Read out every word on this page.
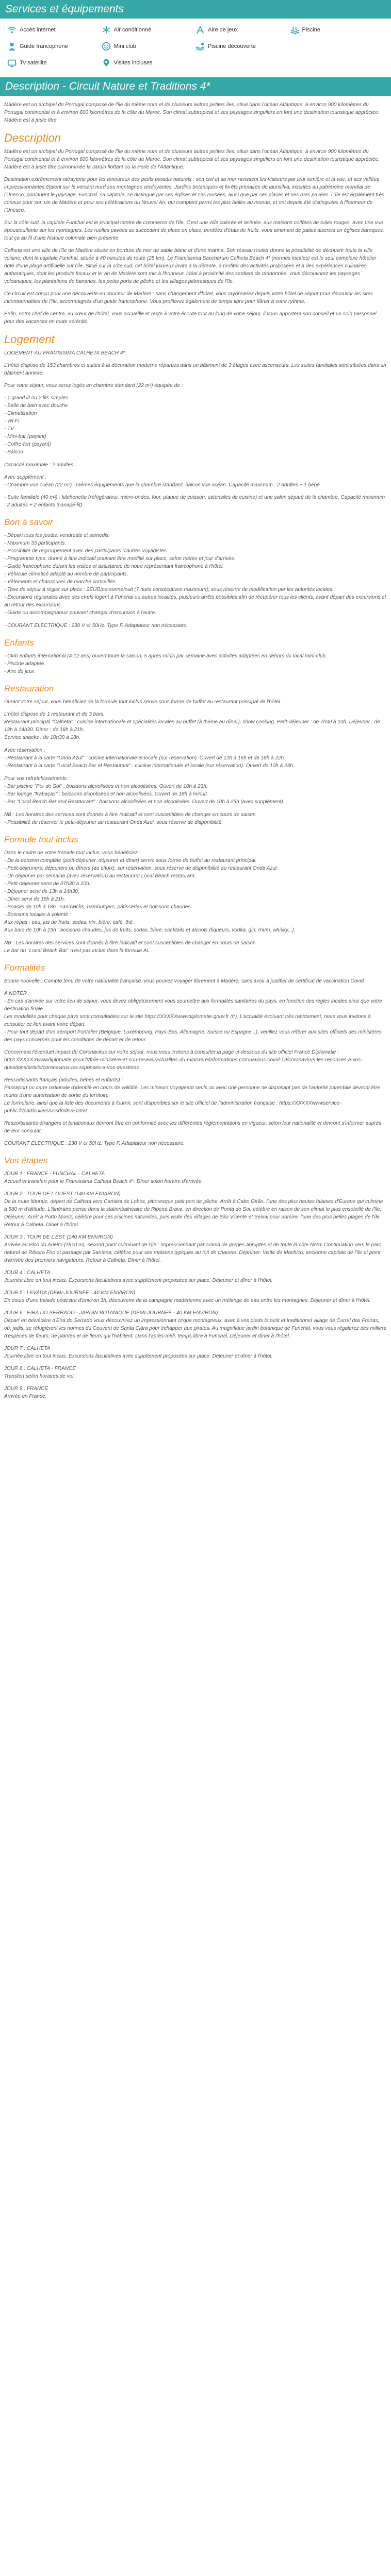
Services et équipements
Accès internet	Air conditionné	Aire de jeux	Piscine
Guide francophone	Mini club	Piscine découverte
Tv satellite	Visites incluses
Description - Circuit Nature et Traditions 4*

Madère est un archipel du Portugal composé de l'île du même nom et de plusieurs autres petites îles, situé dans l'océan Atlantique, à environ 900 kilomètres du Portugal continental et à environ 600 kilomètres de la côte du Maroc. Son climat subtropical et ses paysages singuliers en font une destination touristique appréciée. Madère est à juste titre

Description

Madère est un archipel du Portugal composé de l'île du même nom et de plusieurs autres petites îles, situé dans l'océan Atlantique, à environ 900 kilomètres du Portugal continental et à environ 600 kilomètres de la côte du Maroc. Son climat subtropical et ses paysages singuliers en font une destination touristique appréciée. Madère est à juste titre surnommée la Jardin flottant ou la Perle de l'Atlantique.

Destination extrêmement attrayante pour les amoureux des petits paradis naturels : son ciel et sa mer ravissent les visiteurs par leur lumière et la vue, et ses vallées impressionnantes étalent sur le versant nord ses montagnes verdoyantes. Jardins botaniques et forêts primaires de laurisilva, inscrites au patrimoine mondial de l'Unesco, ponctuent le paysage. Funchal, sa capitale, se distingue par ses églises et ses musées, ainsi que par ses places et ses rues pavées. L'île est également très connue pour son vin de Madère et pour ses célébrations du Nouvel An, qui comptent parmi les plus belles au monde, et ont depuis été distinguées à l'honneur de l'Unesco.

Sur la côte sud, la capitale Funchal est le principal centre de commerce de l'île. C'est une ville colorée et animée, aux maisons coiffées de tuiles rouges, avec une vue époustouflante sur les montagnes. Les ruelles pavées se succèdent de place en place, bordées d'étals de fruits, vous amenant de palais discrets en églises baroques, tout ça au fil d'une histoire coloniale bien présente.

Calheta est une ville de l'île de Madère située en bordure de mer de sable blanc et d'une marina. Son réseau routier donne la possibilité de découvrir toute la ville voisine, dont la capitale Funchal, située à 40 minutes de route (25 km). Le Framissima Saccharum Calheta Beach 4* (normes locales) est le seul complexe hôtelier doté d'une plage artificielle sur l'île. Situé sur la côte sud, cet hôtel luxueux invite à la détente, à profiter des activités proposées et à des expériences culinaires authentiques, dont les produits locaux et le vin de Madère sont mis à l'honneur. Idéal à proximité des sentiers de randonnée, vous découvrirez les paysages volcaniques, les plantations de bananes, les petits ports de pêche et les villages pittoresques de l'île.

Ce circuit est conçu pour une découverte en douceur de Madère : sans changement d'hôtel, vous rayonnerez depuis votre hôtel de séjour pour découvrir les sites incontournables de l'île, accompagnés d'un guide francophone. Vous profiterez également de temps libre pour flâner à votre rythme.

Enfin, notre chef de centre, au cœur de l'hôtel, vous accueille et reste à votre écoute tout au long de votre séjour, il vous apportera son conseil et un soin personnel pour des vacances en toute sérénité.

Logement

LOGEMENT AU FRAMISSIMA CALHETA BEACH 4*:

L'hôtel dispose de 153 chambres et suites à la décoration moderne réparties dans un bâtiment de 3 étages avec ascenseurs. Les suites familiales sont situées dans un bâtiment annexe.

Pour votre séjour, vous serez logés en chambre standard (22 m²) équipée de :

- 1 grand lit ou 2 lits simples
- Salle de bain avec douche
- Climatisation
- Wi-Fi
- TV
- Mini-bar (payant)
- Coffre-fort (payant)
- Balcon

Capacité maximale : 2 adultes.

Avec supplément :

- Chambre vue océan (22 m²) : mêmes équipements que la chambre standard, balcon vue océan. Capacité maximum : 2 adultes + 1 bébé.

- Suite familiale (40 m²) : kitchenette (réfrigérateur, micro-ondes, four, plaque de cuisson, ustensiles de cuisine) et une salon séparé de la chambre. Capacité maximum : 2 adultes + 2 enfants (canapé-lit).

Bon à savoir
- Départ tous les jeudis, vendredis et samedis.
- Maximum 33 participants.
- Possibilité de regroupement avec des participants d'autres voyagistes.
- Programme type, donné à titre indicatif pouvant être modifié sur place, selon météo et jour d'arrivée.
- Guide francophone durant les visites et assistance de notre représentant francophone à l'hôtel.
- Véhicule climatisé adapté au nombre de participants.
- Vêtements et chaussures de marche conseillés.
- Taxe de séjour à régler sur place : 2EUR/personne/nuit (7 nuits consécutives maximum); sous réserve de modification par les autorités locales.
- Excursions régionales avec des chefs logent à Funchal ou autres localités, plusieurs arrêts possibles afin de récupérer tous les clients, avant départ des excursions et au retour des excursions.
- Guide ou accompagnateur pouvant changer d'excursion à l'autre.

- COURANT ELECTRIQUE : 230 V et 50Hz. Type F. Adaptateur non nécessaire.

Enfants
- Club enfants international (4-12 ans) ouvert toute la saison, 5 après-midis par semaine avec activités adaptées en dehors du local mini-club.
- Piscine adaptée.
- Aire de jeux
Restauration

Durant votre séjour, vous bénéficiez de la formule tout inclus servie sous forme de buffet au restaurant principal de l'hôtel.

L'hôtel dispose de 1 restaurant et de 3 bars.
Restaurant principal "Calheta" : cuisine internationale et spécialités locales au buffet (à thème au dîner), show cooking. Petit-déjeuner : de 7h30 à 10h. Déjeuner : de 13h à 14h30. Dîner : de 18h à 21h.
Service snacks : de 10h30 à 18h.
Avec réservation :
- Restaurant à la carte "Onda Azul" : cuisine internationale et locale (sur réservation). Ouvert de 12h à 16h et de 18h à 22h.
- Restaurant à la carte "Local Beach Bar et Restaurant" : cuisine internationale et locale (sur réservation). Ouvert de 10h à 23h.
Pour vos rafraîchissements :
- Bar piscine "Por do Sol" : boissons alcoolisées et non alcoolisées. Ouvert de 10h à 23h.
- Bar lounge "Kabaças" : boissons alcoolisées et non alcoolisées. Ouvert de 18h à minuit.
- Bar "Local Beach Bar and Restaurant" : boissons alcoolisées et non alcoolisées. Ouvert de 10h à 23h (avec supplément).
NB : Les horaires des services sont donnés à titre indicatif et sont susceptibles de changer en cours de saison.
- Possibilité de réserver le petit-déjeuner au restaurant Onda Azul, sous réserve de disponibilité.
Formule tout inclus
Dans le cadre de votre formule tout inclus, vous bénéficiez :
- De la pension complète (petit-déjeuner, déjeuner et dîner) servie sous forme de buffet au restaurant principal.
- Petit-déjeuners, déjeuners ou dîners (au choix), sur réservation, sous réserve de disponibilité au restaurant Onda Azul.
- Un déjeuner par semaine (avec réservation) au restaurant Local Beach restaurant.
- Petit-déjeuner servi de 07h30 à 10h.
- Déjeuner servi de 13h à 14h30.
- Dîner servi de 18h à 21h.
- Snacks de 10h à 18h : sandwichs, hamburgers, pâtisseries et boissons chaudes.
- Boissons locales à volonté :
Aux repas : eau, jus de fruits, sodas, vin, bière, café, thé.
Aux bars de 10h à 23h : boissons chaudes, jus de fruits, sodas, bière, cocktails et alcools (liqueurs, vodka, gin, rhum, whisky...).
NB : Les horaires des services sont donnés à titre indicatif et sont susceptibles de changer en cours de saison.
Le bar du "Local Beach Bar" n'est pas inclus dans la formule AI.
Formalités

Bonne nouvelle : Compte tenu de votre nationalité française, vous pouvez voyager librement à Madère, sans avoir à justifier de certificat de vaccination Covid.

A NOTER :
- En cas d'arrivée sur votre lieu de séjour, vous devez obligatoirement vous soumettre aux formalités sanitaires du pays, en fonction des règles locales ainsi que votre destination finale.
Les modalités pour chaque pays sont consultables sur le site https://XXXXXwwwdiplomatie.gouv.fr (fr). L'actualité évoluant très rapidement, nous vous invitons à consulter ce lien avant votre départ.

- Pour tout départ d'un aéroport frontalier (Belgique, Luxembourg, Pays-Bas, Allemagne, Suisse ou Espagne...), veuillez vous référer aux sites officiels des ministères des pays concernés pour les conditions de départ et de retour.

Concernant l'éventuel impact du Coronavirus sur votre séjour, nous vous invitons à consulter la page ci-dessous du site officiel France Diplomatie :

https://XXXXXwwwdiplomatie.gouv.fr/fr/le-ministere-et-son-reseau/actualites-du-ministere/informations-coronavirus-covid-19/coronavirus-les-reponses-a-vos-questions/article/coronavirus-les-reponses-a-vos-questions

Ressortissants français (adultes, bébés et enfants) :
Passeport ou carte nationale d'identité en cours de validité. Les mineurs voyageant seuls ou avec une personne ne disposant pas de l'autorité parentale devront être munis d'une autorisation de sortie du territoire.

Le formulaire, ainsi que la liste des documents à fournir, sont disponibles sur le site officiel de l'administration française : https://XXXXXwwwservice-public.fr/particuliers/vosdroits/F1359.

Ressortissants étrangers et binationaux devront être en conformité avec les différentes réglementations en vigueur, selon leur nationalité et devront s'informer auprès de leur consulat.

COURANT ELECTRIQUE : 230 V et 50Hz. Type F. Adaptateur non nécessaire.

Vos étapes
JOUR 1 : FRANCE - FUNCHAL - CALHETA

Accueil et transfert pour le Framissima Calheta Beach 4*. Dîner selon horaire d'arrivée.

JOUR 2 : TOUR DE L'OUEST (140 KM ENVIRON)

De la route littorale, départ de Calheta vers Camara de Lobos, pittoresque petit port de pêche. Arrêt à Cabo Girão, l'une des plus hautes falaises d'Europe qui culmine à 580 m d'altitude. L'itinéraire pense dans la stationbalnéaire de Ribeira Brava, en direction de Ponta do Sol, célèbre en raison de son climat le plus ensoleillé de l'île. Déjeuner. Arrêt à Porto Moniz, célèbre pour ses piscines naturelles, puis visite des villages de São Vicente et Seixal pour admirer l'une des plus belles plages de l'île. Retour à Calheta. Dîner à l'hôtel.

JOUR 3 : TOUR DE L'EST (140 KM ENVIRON)

Arrivée au Pico do Arieiro (1810 m), second point culminant de l'île : impressionnant panorama de gorges abruptes et de toute la côte Nord. Continuation vers le parc naturel de Ribeiro Frio et passage par Santana, célèbre pour ses maisons typiques au toit de chaume. Déjeuner. Visite de Machico, ancienne capitale de l'île et point d'arrivée des premiers navigateurs. Retour à Calheta. Dîner à l'hôtel.

JOUR 4 : CALHETA

Journée libre en tout inclus. Excursions facultatives avec supplément proposées sur place. Déjeuner et dîner à l'hôtel.

JOUR 5 : LEVADA (DEMI-JOURNÉE - 40 KM ENVIRON)

En cours d'une balade pédestre d'environ 3h, découverte de la campagne madérienne avec un mélange de eau entre les montagnes. Déjeuner et dîner à l'hôtel.

JOUR 6 : EIRA DO SERRADO - JARDIN BOTANIQUE (DEMI-JOURNÉE - 40 KM ENVIRON)

Départ en belvédère d'Eira do Serrado vous découvrirez un impressionnant cirque montagneux, avec à vos pieds le petit et traditionnel village de Curral das Freiras, où, jadis, se réfugièrent les nonnes du Couvent de Santa Clara pour échapper aux pirates. Au magnifique jardin botanique de Funchal, vous vous régalerez des milliers d'espèces de fleurs, de plantes et de fleurs qui l'habitent. Dans l'après-midi, temps libre à Funchal. Déjeuner et dîner à l'hôtel.

JOUR 7 : CALHETA

Journée libre en tout inclus. Excursions facultatives avec supplément proposées sur place. Déjeuner et dîner à l'hôtel.

JOUR 8 : CALHETA - FRANCE

Transfert selon horaires de vol.

JOUR 9 : FRANCE

Arrivée en France.
